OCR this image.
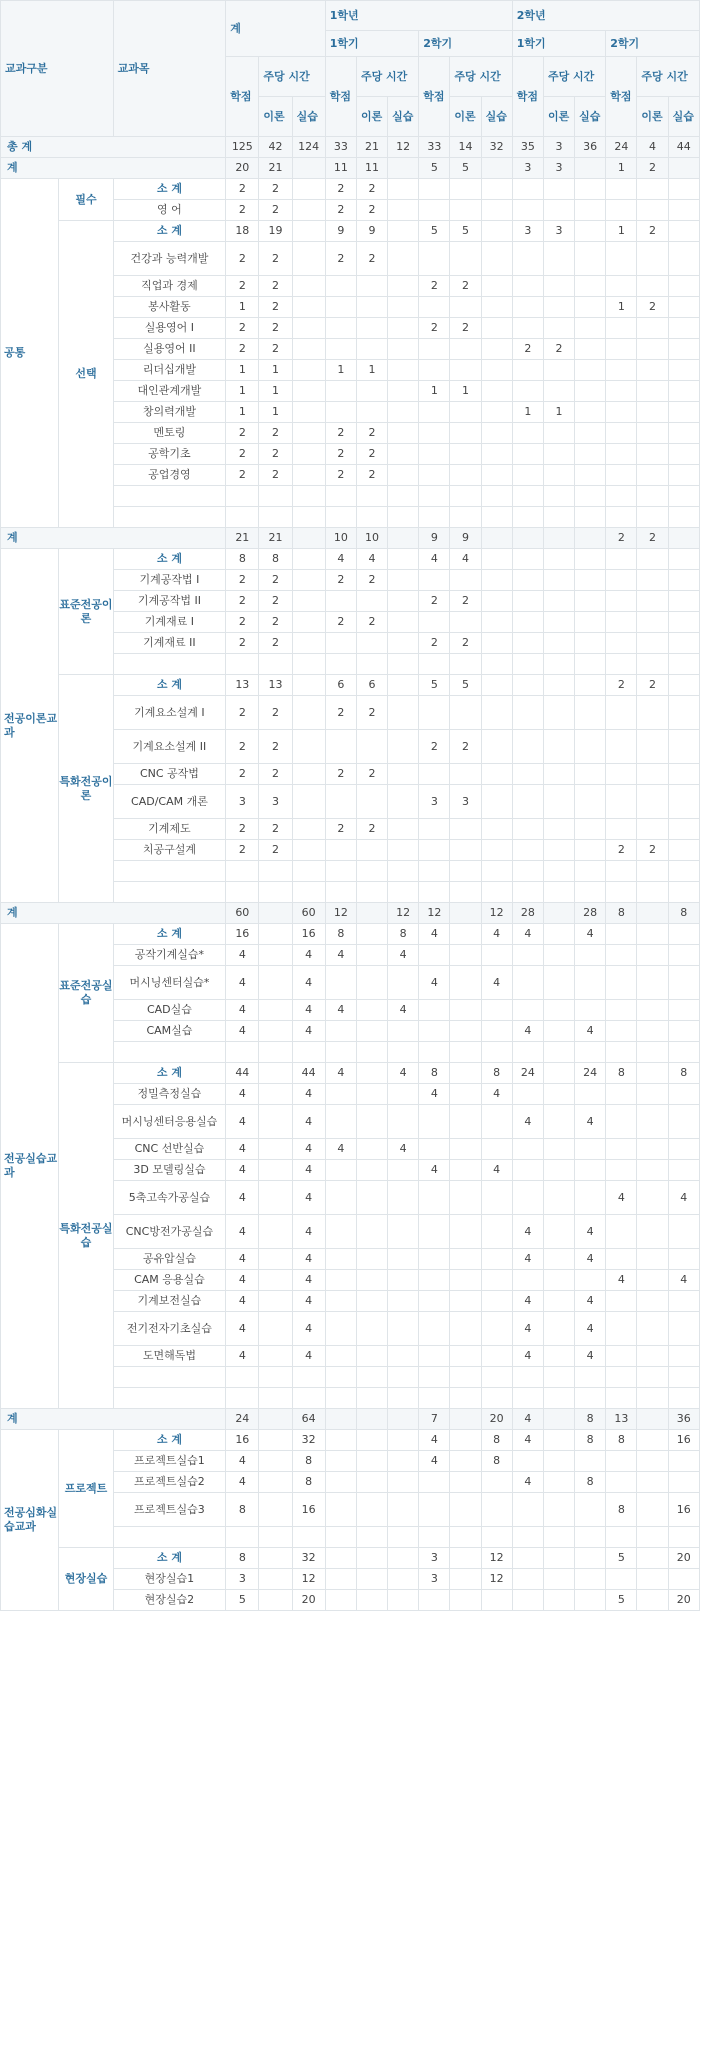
교과구분		교과목	계			1학년						2학년					
						1학기			2학기			1학기			2학기		
			학점	주당 시간		학점	주당 시간		학점	주당 시간		학점	주당 시간		학점	주당 시간	
				이론	실습		이론	실습		이론	실습		이론	실습		이론	실습
총 계			125	42	124	33	21	12	33	14	32	35	3	36	24	4	44
계			20	21		11	11		5	5		3	3		1	2	
공통	필수	소 계	2	2		2	2										
		영 어	2	2		2	2										
	선택	소 계	18	19		9	9		5	5		3	3		1	2	
		건강과 능력개발	2	2		2	2										
		직업과 경제	2	2					2	2							
		봉사활동	1	2											1	2	
		실용영어 I	2	2					2	2							
		실용영어 II	2	2								2	2				
		리더십개발	1	1		1	1										
		대인관계개발	1	1					1	1							
		창의력개발	1	1								1	1				
		멘토링	2	2		2	2										
		공학기초	2	2		2	2										
		공업경영	2	2		2	2										

계			21	21		10	10		9	9					2	2	
전공이론교과	표준전공이론	소 계	8	8		4	4		4	4							
		기계공작법 I	2	2		2	2										
		기계공작법 II	2	2					2	2							
		기계재료 I	2	2		2	2										
		기계재료 II	2	2					2	2							

	특화전공이론	소 계	13	13		6	6		5	5					2	2	
		기계요소설계 I	2	2		2	2										
		기계요소설계 II	2	2					2	2							
		CNC 공작법	2	2		2	2										
		CAD/CAM 개론	3	3					3	3							
		기계제도	2	2		2	2										
		치공구설계	2	2											2	2	

계			60		60	12		12	12		12	28		28	8		8
전공실습교과	표준전공실습	소 계	16		16	8		8	4		4	4		4			
		공작기계실습*	4		4	4		4									
		머시닝센터실습*	4		4				4		4						
		CAD실습	4		4	4		4									
		CAM실습	4		4							4		4			

	특화전공실습	소 계	44		44	4		4	8		8	24		24	8		8
		정밀측정실습	4		4				4		4						
		머시닝센터응용실습	4		4							4		4			
		CNC 선반실습	4		4	4		4									
		3D 모델링실습	4		4				4		4						
		5축고속가공실습	4		4										4		4
		CNC방전가공실습	4		4							4		4			
		공유압실습	4		4							4		4			
		CAM 응용실습	4		4										4		4
		기계보전실습	4		4							4		4			
		전기전자기초실습	4		4							4		4			
		도면해독법	4		4							4		4			

계			24		64				7		20	4		8	13		36
전공심화실습교과	프로젝트	소 계	16		32				4		8	4		8	8		16
		프로젝트실습1	4		8				4		8						
		프로젝트실습2	4		8							4		8			
		프로젝트실습3	8		16										8		16

	현장실습	소 계	8		32				3		12				5		20
		현장실습1	3		12				3		12						
		현장실습2	5		20										5		20
